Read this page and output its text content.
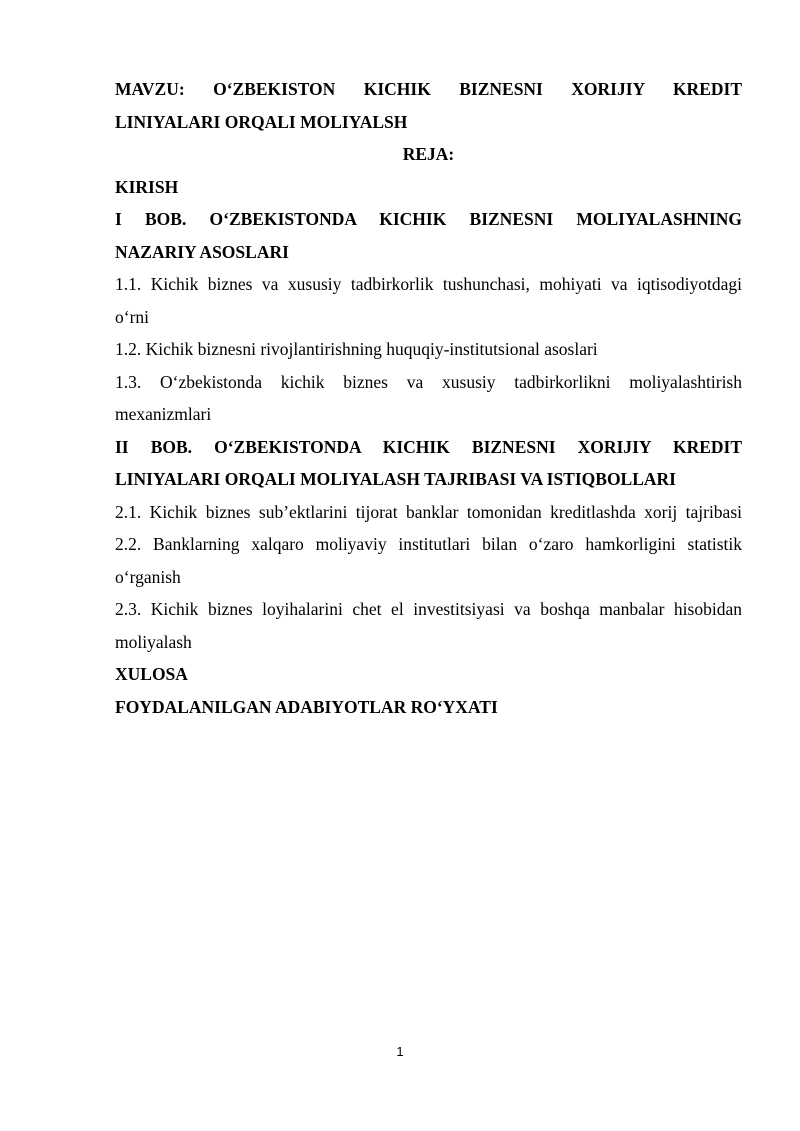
MAVZU: O‘ZBEKISTON KICHIK BIZNESNI XORIJIY KREDIT
LINIYALARI ORQALI MOLIYALSH
REJA:
KIRISH
I BOB. O‘ZBEKISTONDA KICHIK BIZNESNI MOLIYALASHNING
NAZARIY ASOSLARI
1.1. Kichik biznes va xususiy tadbirkorlik tushunchasi, mohiyati va iqtisodiyotdagi
o‘rni
1.2. Kichik biznesni rivojlantirishning huquqiy-institutsional asoslari
1.3. O‘zbekistonda kichik biznes va xususiy tadbirkorlikni moliyalashtirish
mexanizmlari
II BOB. O‘ZBEKISTONDA KICHIK BIZNESNI XORIJIY KREDIT
LINIYALARI ORQALI MOLIYALASH TAJRIBASI VA ISTIQBOLLARI
2.1. Kichik biznes sub’ektlarini tijorat banklar tomonidan kreditlashda xorij tajribasi
2.2. Banklarning xalqaro moliyaviy institutlari bilan o‘zaro hamkorligini statistik
o‘rganish
2.3. Kichik biznes loyihalarini chet el investitsiyasi va boshqa manbalar hisobidan
moliyalash
XULOSA
FOYDALANILGAN ADABIYOTLAR RO‘YXATI
1
